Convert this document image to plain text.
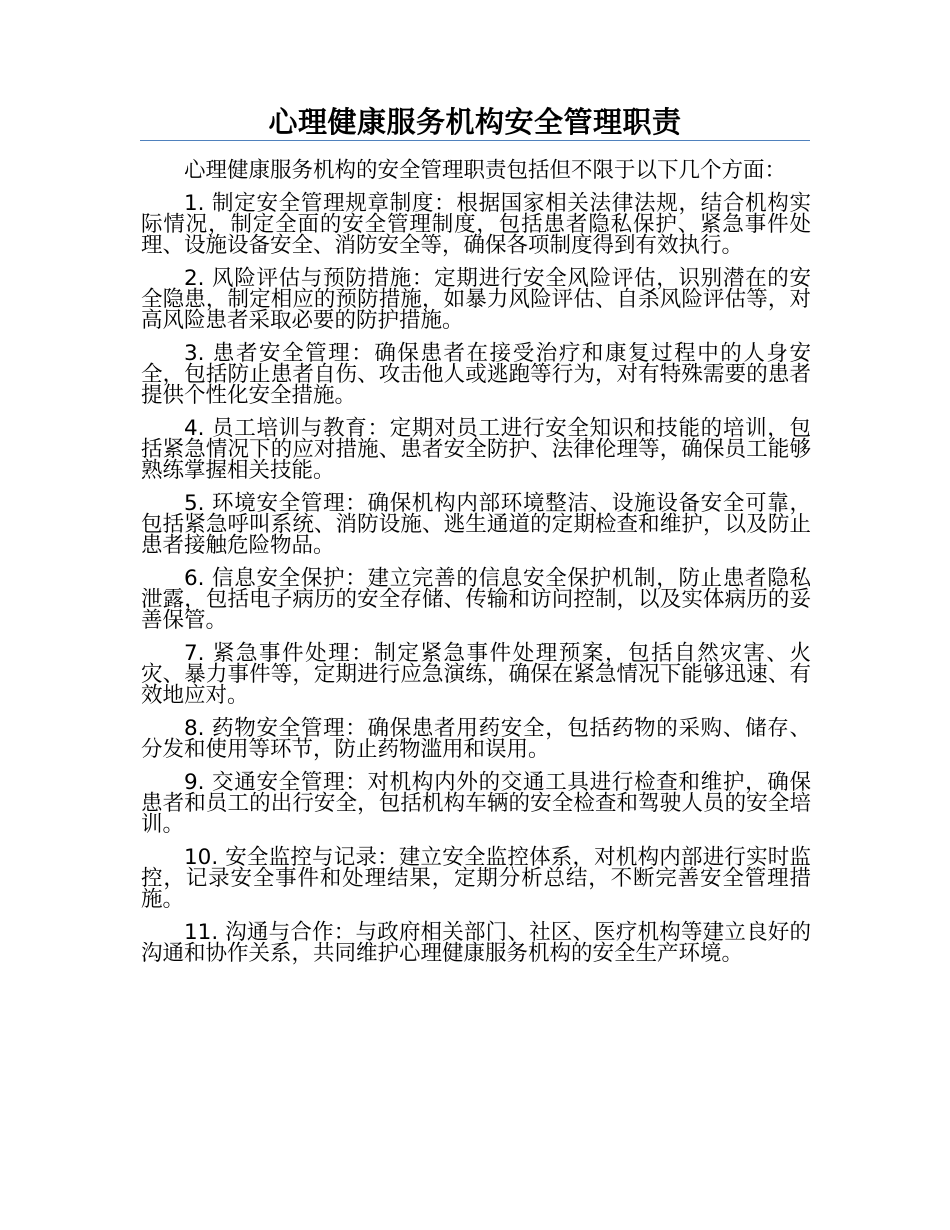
心理健康服务机构安全管理职责

心理健康服务机构的安全管理职责包括但不限于以下几个方面：

1. 制定安全管理规章制度：根据国家相关法律法规，结合机构实际情况，制定全面的安全管理制度，包括患者隐私保护、紧急事件处理、设施设备安全、消防安全等，确保各项制度得到有效执行。

2. 风险评估与预防措施：定期进行安全风险评估，识别潜在的安全隐患，制定相应的预防措施，如暴力风险评估、自杀风险评估等，对高风险患者采取必要的防护措施。

3. 患者安全管理：确保患者在接受治疗和康复过程中的人身安全，包括防止患者自伤、攻击他人或逃跑等行为，对有特殊需要的患者提供个性化安全措施。

4. 员工培训与教育：定期对员工进行安全知识和技能的培训，包括紧急情况下的应对措施、患者安全防护、法律伦理等，确保员工能够熟练掌握相关技能。

5. 环境安全管理：确保机构内部环境整洁、设施设备安全可靠，包括紧急呼叫系统、消防设施、逃生通道的定期检查和维护，以及防止患者接触危险物品。

6. 信息安全保护：建立完善的信息安全保护机制，防止患者隐私泄露，包括电子病历的安全存储、传输和访问控制，以及实体病历的妥善保管。

7. 紧急事件处理：制定紧急事件处理预案，包括自然灾害、火灾、暴力事件等，定期进行应急演练，确保在紧急情况下能够迅速、有效地应对。

8. 药物安全管理：确保患者用药安全，包括药物的采购、储存、分发和使用等环节，防止药物滥用和误用。

9. 交通安全管理：对机构内外的交通工具进行检查和维护，确保患者和员工的出行安全，包括机构车辆的安全检查和驾驶人员的安全培训。

10. 安全监控与记录：建立安全监控体系，对机构内部进行实时监控，记录安全事件和处理结果，定期分析总结，不断完善安全管理措施。

11. 沟通与合作：与政府相关部门、社区、医疗机构等建立良好的沟通和协作关系，共同维护心理健康服务机构的安全生产环境。
